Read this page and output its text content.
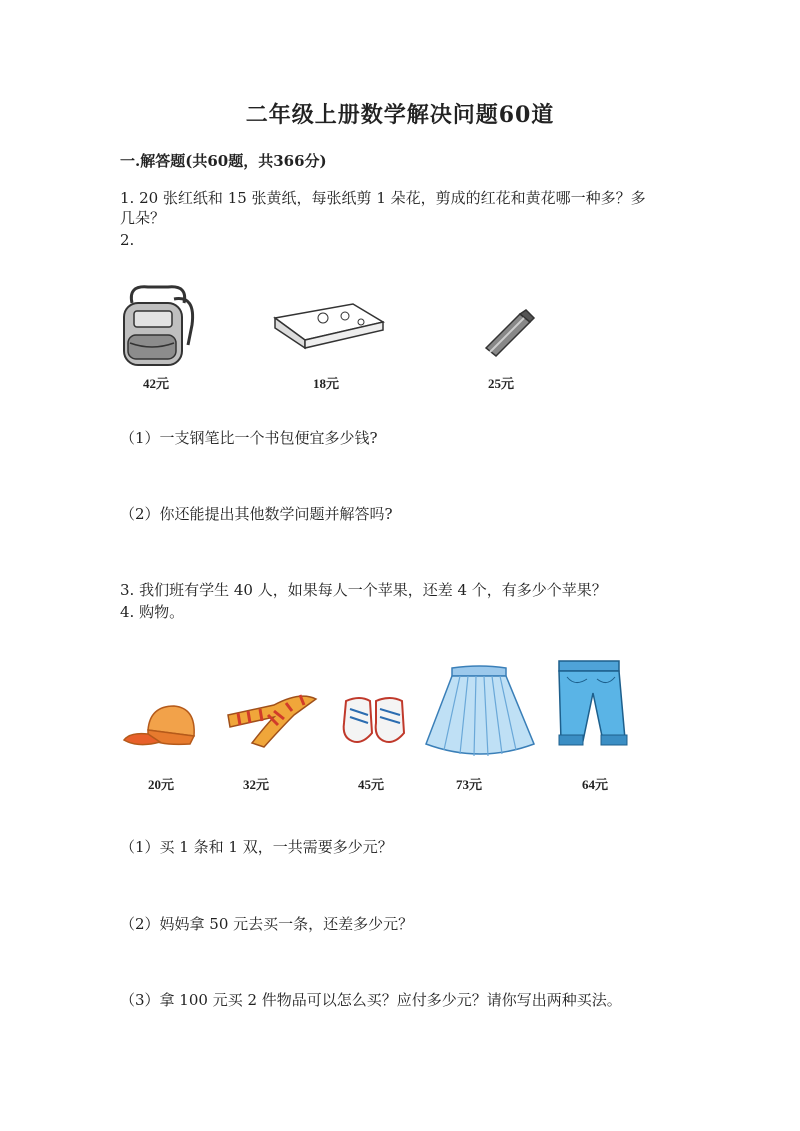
二年级上册数学解决问题60道
一.解答题(共60题，共366分)
1. 20 张红纸和 15 张黄纸，每张纸剪 1 朵花，剪成的红花和黄花哪一种多？多
几朵？
2.
42元	18元	25元
（1）一支钢笔比一个书包便宜多少钱?
（2）你还能提出其他数学问题并解答吗?
3. 我们班有学生 40 人，如果每人一个苹果，还差 4 个，有多少个苹果？
4. 购物。
20元	32元	45元	73元	64元
（1）买 1 条和 1 双，一共需要多少元？
（2）妈妈拿 50 元去买一条，还差多少元？
（3）拿 100 元买 2 件物品可以怎么买？应付多少元？请你写出两种买法。
